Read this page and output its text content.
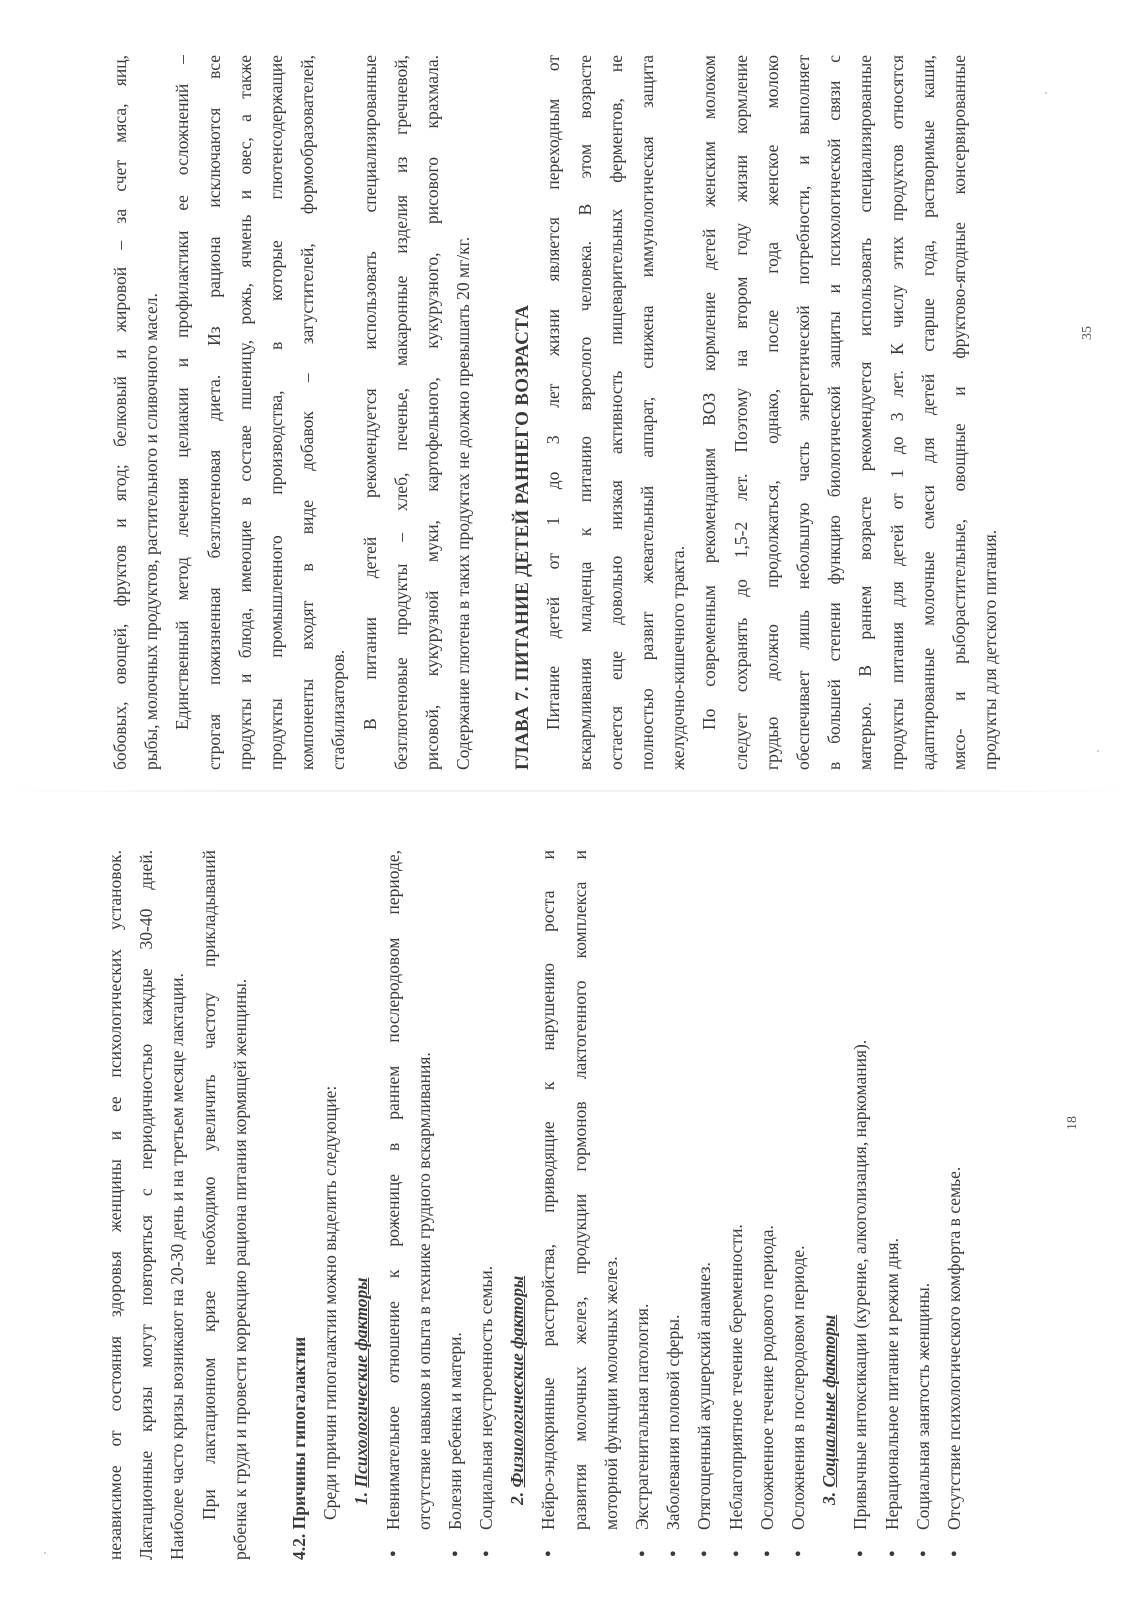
независимое от состояния здоровья женщины и ее психологических установок. Лактационные кризы могут повторяться с периодичностью каждые 30-40 дней. Наиболее часто кризы возникают на 20-30 день и на третьем месяце лактации. При лактационном кризе необходимо увеличить частоту прикладываний ребенка к груди и провести коррекцию рациона питания кормящей женщины.	4.2. Причины гипогалактии Среди причин гипогалактии можно выделить следующие: 1. Психологические факторы ● Невнимательное отношение к роженице в раннем послеродовом периоде, отсутствие навыков и опыта в технике грудного вскармливания. ● Болезни ребенка и матери. ● Социальная неустроенность семьи. 2. Физиологические факторы ● Нейро-эндокринные расстройства, приводящие к нарушению роста и развития молочных желез, продукции гормонов лактогенного комплекса и моторной функции молочных желез. ● Экстрагенитальная патология. ● Заболевания половой сферы. ● Отягощенный акушерский анамнез. ● Неблагоприятное течение беременности. ● Осложненное течение родового периода. ● Осложнения в послеродовом периоде. 3. Социальные факторы ● Привычные интоксикации (курение, алкоголизация, наркомания). ● Нерациональное питание и режим дня. ● Социальная занятость женщины. ● Отсутствие психологического комфорта в семье.
18
бобовых, овощей, фруктов и ягод; белковый и жировой – за счет мяса, яиц, рыбы, молочных продуктов, растительного и сливочного масел. Единственный метод лечения целиакии и профилактики ее осложнений – строгая пожизненная безглютеновая диета. Из рациона исключаются все продукты и блюда, имеющие в составе пшеницу, рожь, ячмень и овес, а также продукты промышленного производства, в которые глютенсодержащие компоненты входят в виде добавок – загустителей, формообразователей, стабилизаторов. В питании детей рекомендуется использовать специализированные безглютеновые продукты – хлеб, печенье, макаронные изделия из гречневой, рисовой, кукурузной муки, картофельного, кукурузного, рисового крахмала. Содержание глютена в таких продуктах не должно превышать 20 мг/кг.	ГЛАВА 7. ПИТАНИЕ ДЕТЕЙ РАННЕГО ВОЗРАСТА Питание детей от 1 до 3 лет жизни является переходным от вскармливания младенца к питанию взрослого человека. В этом возрасте остается еще довольно низкая активность пищеварительных ферментов, не полностью развит жевательный аппарат, снижена иммунологическая защита желудочно-кишечного тракта. По современным рекомендациям ВОЗ кормление детей женским молоком следует сохранять до 1,5-2 лет. Поэтому на втором году жизни кормление грудью должно продолжаться, однако, после года женское молоко обеспечивает лишь небольшую часть энергетической потребности, и выполняет в большей степени функцию биологической защиты и психологической связи с матерью. В раннем возрасте рекомендуется использовать специализированные продукты питания для детей от 1 до 3 лет. К числу этих продуктов относятся адаптированные молочные смеси для детей старше года, растворимые каши, мясо- и рыборастительные, овощные и фруктово-ягодные консервированные продукты для детского питания.
35
